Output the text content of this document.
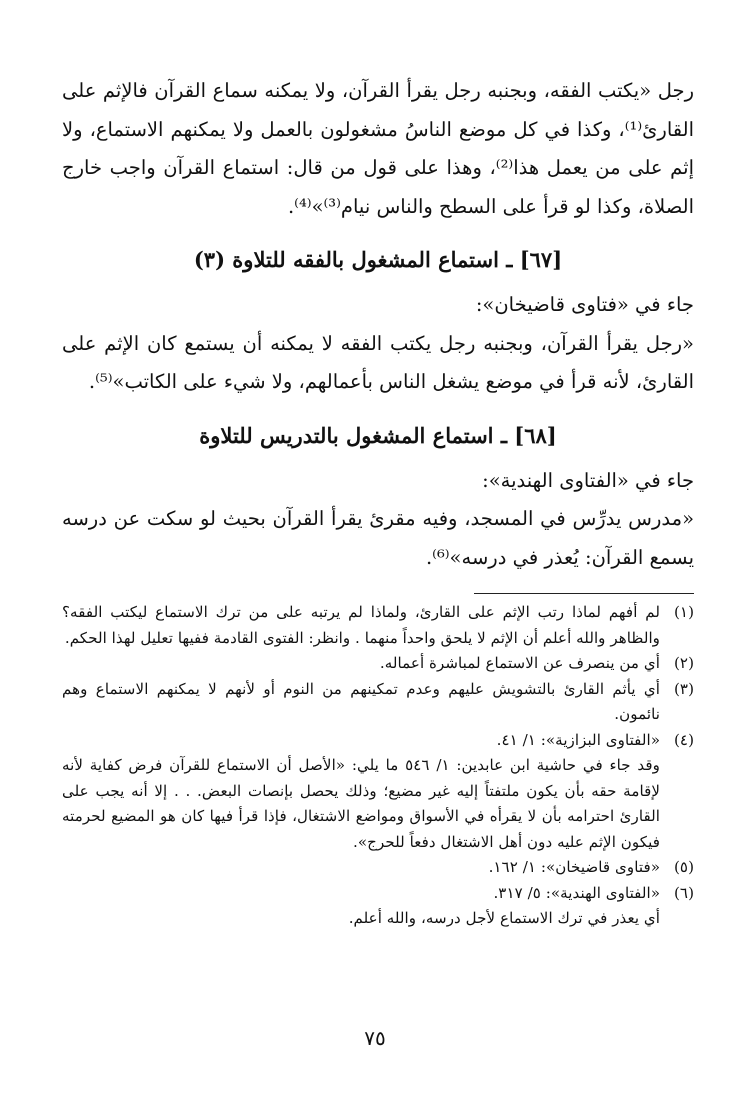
رجل «يكتب الفقه، وبجنبه رجل يقرأ القرآن، ولا يمكنه سماع القرآن فالإثم على القارئ⁽¹⁾، وكذا في كل موضع الناسُ مشغولون بالعمل ولا يمكنهم الاستماع، ولا إثم على من يعمل هذا⁽²⁾، وهذا على قول من قال: استماع القرآن واجب خارج الصلاة، وكذا لو قرأ على السطح والناس نيام⁽³⁾»⁽⁴⁾.

[٦٧] ـ استماع المشغول بالفقه للتلاوة (٣)

جاء في «فتاوى قاضيخان»:

«رجل يقرأ القرآن، وبجنبه رجل يكتب الفقه لا يمكنه أن يستمع كان الإثم على القارئ، لأنه قرأ في موضع يشغل الناس بأعمالهم، ولا شيء على الكاتب»⁽⁵⁾.

[٦٨] ـ استماع المشغول بالتدريس للتلاوة

جاء في «الفتاوى الهندية»:

«مدرس يدرِّس في المسجد، وفيه مقرئ يقرأ القرآن بحيث لو سكت عن درسه يسمع القرآن: يُعذر في درسه»⁽⁶⁾.

(١)
لم أفهم لماذا رتب الإثم على القارئ، ولماذا لم يرتبه على من ترك الاستماع ليكتب الفقه؟ والظاهر والله أعلم أن الإثم لا يلحق واحداً منهما . وانظر: الفتوى القادمة ففيها تعليل لهذا الحكم.
(٢)
أي من ينصرف عن الاستماع لمباشرة أعماله.
(٣)
أي يأثم القارئ بالتشويش عليهم وعدم تمكينهم من النوم أو لأنهم لا يمكنهم الاستماع وهم نائمون.
(٤)
«الفتاوى البزازية»: ١/ ٤١.
وقد جاء في حاشية ابن عابدين: ١/ ٥٤٦ ما يلي: «الأصل أن الاستماع للقرآن فرض كفاية لأنه لإقامة حقه بأن يكون ملتفتاً إليه غير مضيع؛ وذلك يحصل بإنصات البعض. . . إلا أنه يجب على القارئ احترامه بأن لا يقرأه في الأسواق ومواضع الاشتغال، فإذا قرأ فيها كان هو المضيع لحرمته فيكون الإثم عليه دون أهل الاشتغال دفعاً للحرج».
(٥)
«فتاوى قاضيخان»: ١/ ١٦٢.
(٦)
«الفتاوى الهندية»: ٥/ ٣١٧.
أي يعذر في ترك الاستماع لأجل درسه، والله أعلم.
٧٥
